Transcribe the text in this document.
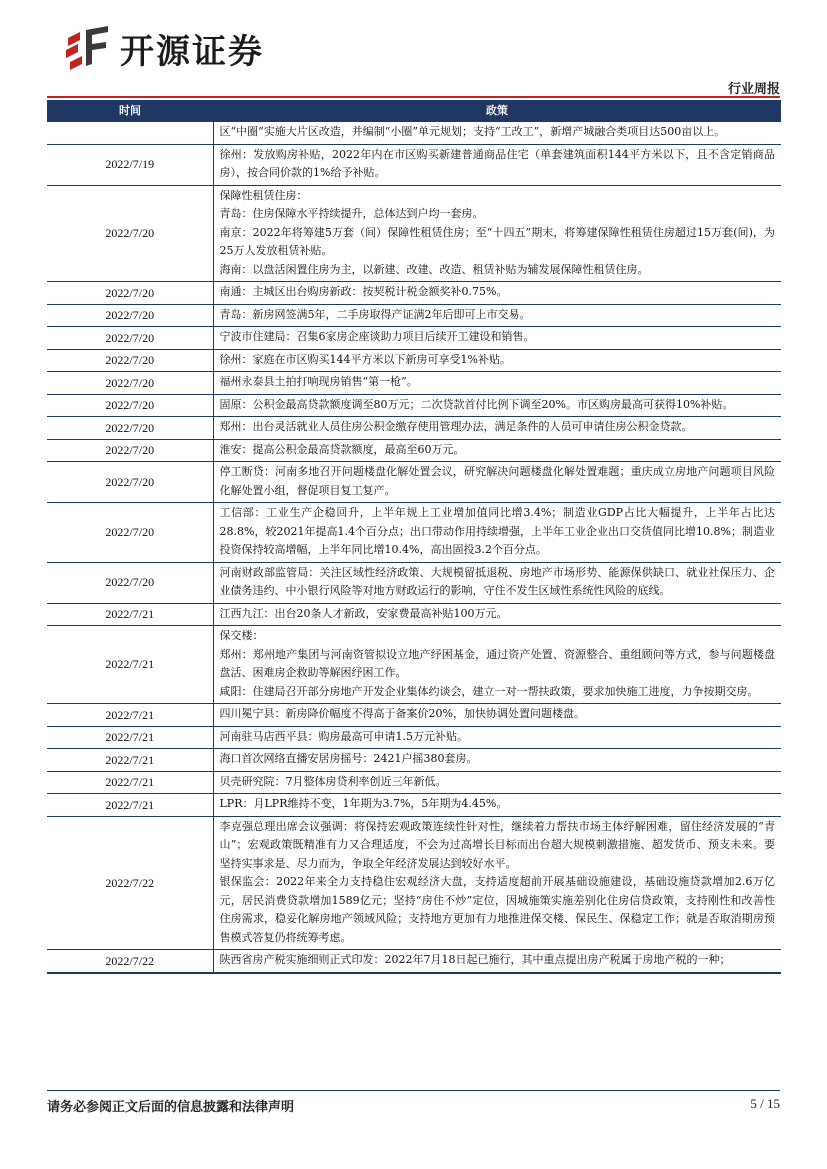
开源证券
行业周报
时间	政策

	区“中圈”实施大片区改造，并编制“小圈”单元规划；支持“工改工”，新增产城融合类项目达500亩以上。

2022/7/19	徐州：发放购房补贴，2022年内在市区购买新建普通商品住宅（单套建筑面积144平方米以下，且不含定销商品房），按合同价款的1%给予补贴。

2022/7/20	保障性租赁住房：
青岛：住房保障水平持续提升，总体达到户均一套房。
南京：2022年将筹建5万套（间）保障性租赁住房；至“十四五”期末，将筹建保障性租赁住房超过15万套(间)，为25万人发放租赁补贴。
海南：以盘活闲置住房为主，以新建、改建、改造、租赁补贴为辅发展保障性租赁住房。

2022/7/20	南通：主城区出台购房新政：按契税计税金额奖补0.75%。

2022/7/20	青岛：新房网签满5年，二手房取得产证满2年后即可上市交易。

2022/7/20	宁波市住建局：召集6家房企座谈助力项目后续开工建设和销售。

2022/7/20	徐州：家庭在市区购买144平方米以下新房可享受1%补贴。

2022/7/20	福州永泰县土拍打响现房销售“第一枪”。

2022/7/20	固原：公积金最高贷款额度调至80万元；二次贷款首付比例下调至20%。市区购房最高可获得10%补贴。

2022/7/20	郑州：出台灵活就业人员住房公积金缴存使用管理办法，满足条件的人员可申请住房公积金贷款。

2022/7/20	淮安：提高公积金最高贷款额度，最高至60万元。

2022/7/20	停工断贷：河南多地召开问题楼盘化解处置会议，研究解决问题楼盘化解处置难题；重庆成立房地产问题项目风险化解处置小组，督促项目复工复产。

2022/7/20	工信部：工业生产企稳回升，上半年规上工业增加值同比增3.4%；制造业GDP占比大幅提升，上半年占比达28.8%，较2021年提高1.4个百分点；出口带动作用持续增强，上半年工业企业出口交货值同比增10.8%；制造业投资保持较高增幅，上半年同比增10.4%，高出固投3.2个百分点。

2022/7/20	河南财政部监管局：关注区域性经济政策、大规模留抵退税、房地产市场形势、能源保供缺口、就业社保压力、企业债务违约、中小银行风险等对地方财政运行的影响，守住不发生区域性系统性风险的底线。

2022/7/21	江西九江：出台20条人才新政，安家费最高补贴100万元。

2022/7/21	保交楼：
郑州：郑州地产集团与河南资管拟设立地产纾困基金，通过资产处置、资源整合、重组顾问等方式，参与问题楼盘盘活、困难房企救助等解困纾困工作。
咸阳：住建局召开部分房地产开发企业集体约谈会，建立一对一帮扶政策，要求加快施工进度，力争按期交房。

2022/7/21	四川冕宁县：新房降价幅度不得高于备案价20%，加快协调处置问题楼盘。

2022/7/21	河南驻马店西平县：购房最高可申请1.5万元补贴。

2022/7/21	海口首次网络直播安居房摇号：2421户摇380套房。

2022/7/21	贝壳研究院：7月整体房贷利率创近三年新低。

2022/7/21	LPR：月LPR维持不变，1年期为3.7%，5年期为4.45%。

2022/7/22	李克强总理出席会议强调：将保持宏观政策连续性针对性，继续着力帮扶市场主体纾解困难，留住经济发展的“青山”；宏观政策既精准有力又合理适度，不会为过高增长目标而出台超大规模刺激措施、超发货币、预支未来。要坚持实事求是、尽力而为，争取全年经济发展达到较好水平。
银保监会：2022年来全力支持稳住宏观经济大盘，支持适度超前开展基础设施建设，基础设施贷款增加2.6万亿元，居民消费贷款增加1589亿元；坚持“房住不炒”定位，因城施策实施差别化住房信贷政策，支持刚性和改善性住房需求，稳妥化解房地产领域风险；支持地方更加有力地推进保交楼、保民生、保稳定工作；就是否取消期房预售模式答复仍将统筹考虑。

2022/7/22	陕西省房产税实施细则正式印发：2022年7月18日起已施行，其中重点提出房产税属于房地产税的一种；
请务必参阅正文后面的信息披露和法律声明	5 / 15
